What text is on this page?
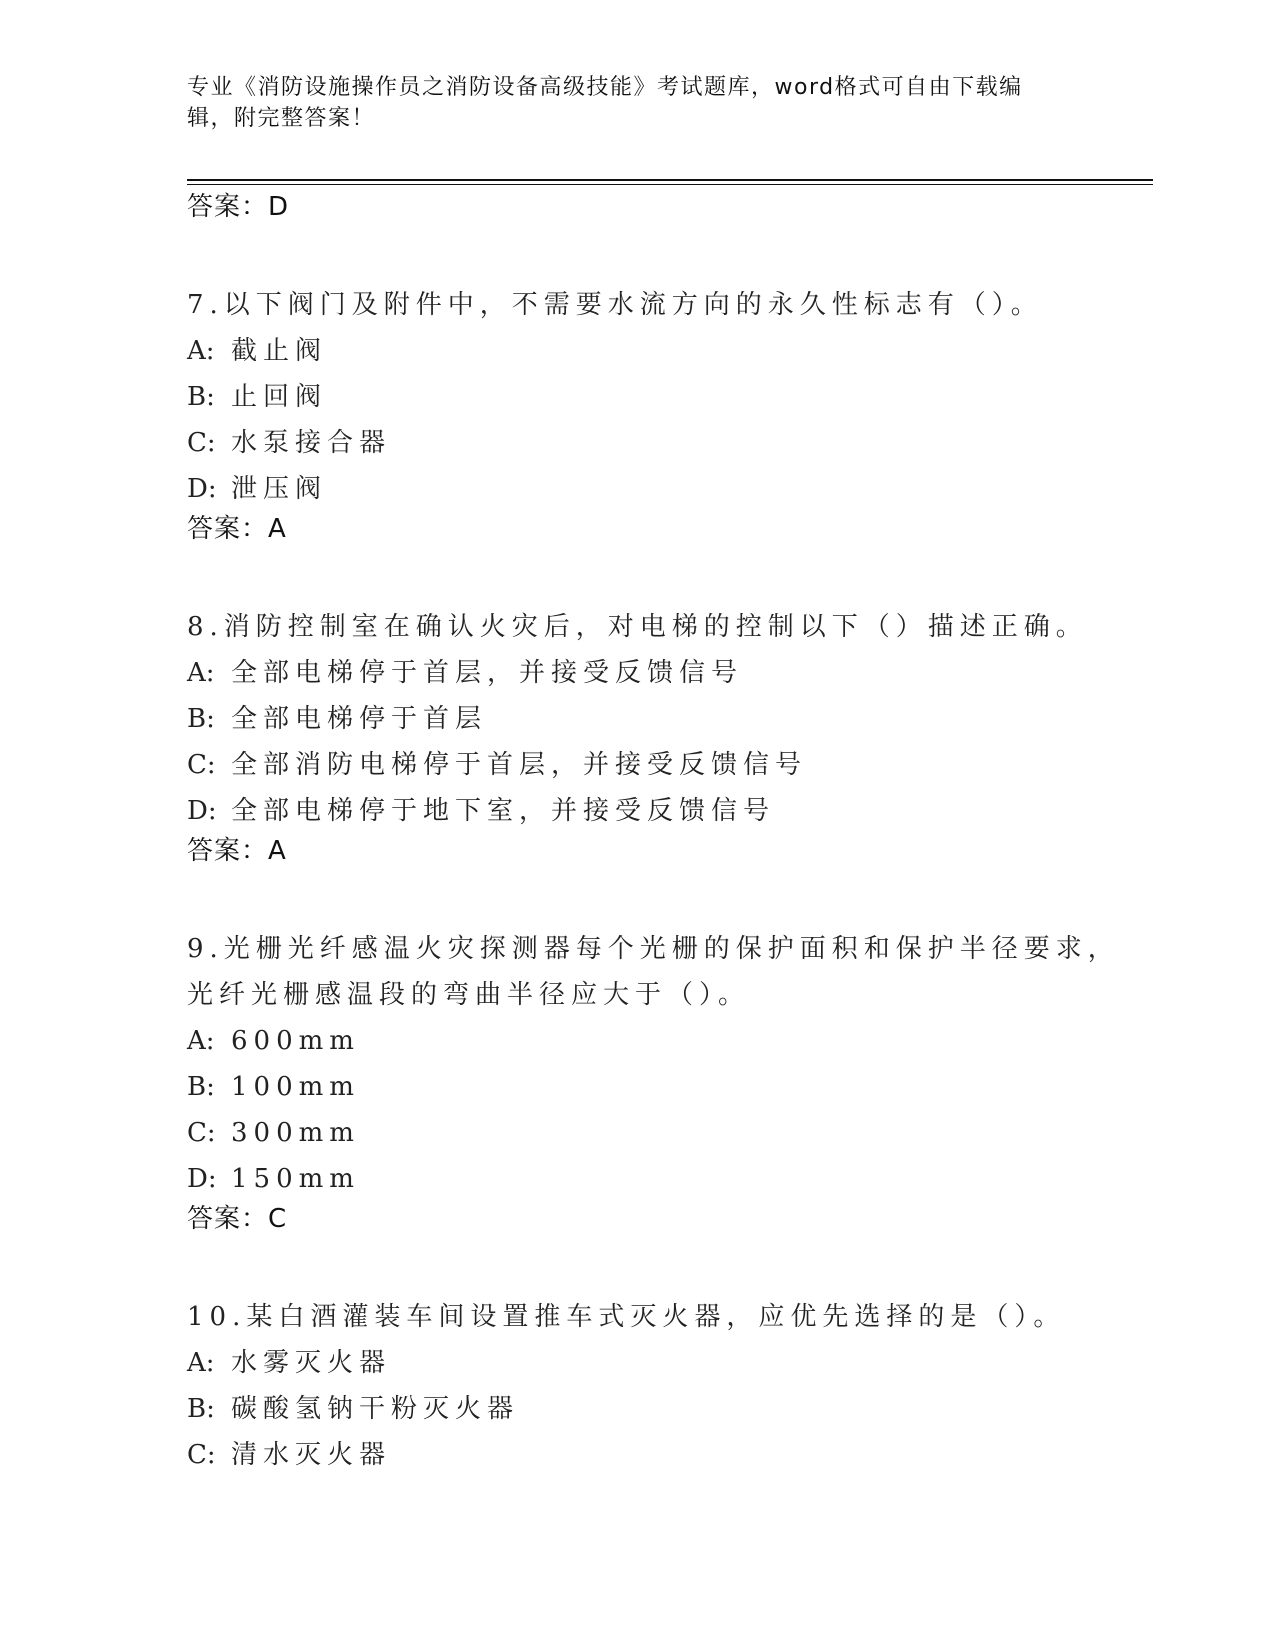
专业《消防设施操作员之消防设备高级技能》考试题库，word格式可自由下载编辑，附完整答案！
答案：D
7.以下阀门及附件中，不需要水流方向的永久性标志有（）。
A: 截止阀
B: 止回阀
C: 水泵接合器
D: 泄压阀
答案：A
8.消防控制室在确认火灾后，对电梯的控制以下（）描述正确。
A: 全部电梯停于首层，并接受反馈信号
B: 全部电梯停于首层
C: 全部消防电梯停于首层，并接受反馈信号
D: 全部电梯停于地下室，并接受反馈信号
答案：A
9.光栅光纤感温火灾探测器每个光栅的保护面积和保护半径要求，光纤光栅感温段的弯曲半径应大于（）。
A: 600mm
B: 100mm
C: 300mm
D: 150mm
答案：C
10.某白酒灌装车间设置推车式灭火器，应优先选择的是（）。
A: 水雾灭火器
B: 碳酸氢钠干粉灭火器
C: 清水灭火器
